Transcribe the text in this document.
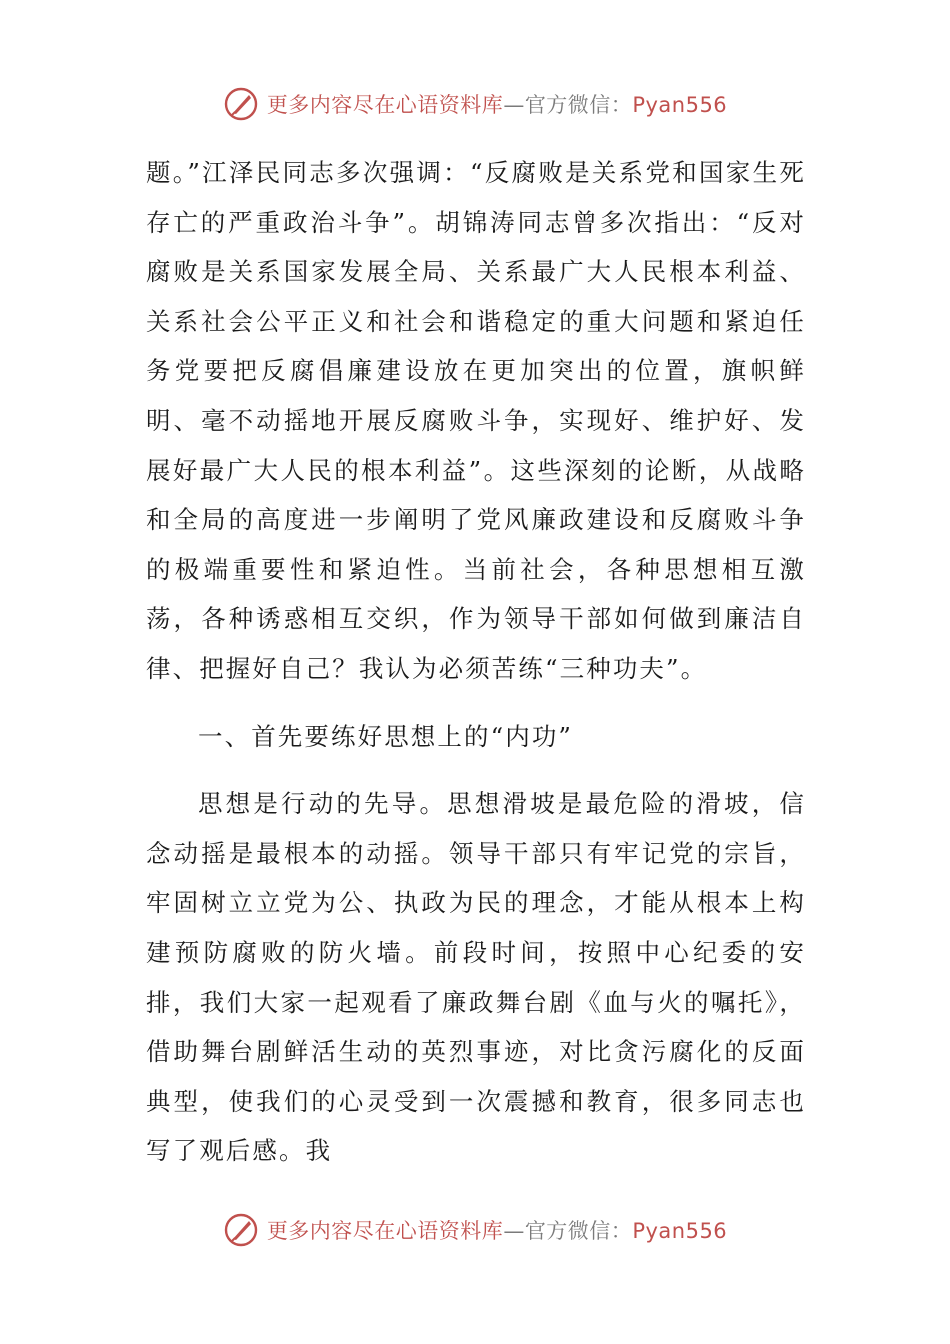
更多内容尽在心语资料库—官方微信：Pyan556

题。”江泽民同志多次强调：“反腐败是关系党和国家生死存亡的严重政治斗争”。胡锦涛同志曾多次指出：“反对腐败是关系国家发展全局、关系最广大人民根本利益、关系社会公平正义和社会和谐稳定的重大问题和紧迫任务党要把反腐倡廉建设放在更加突出的位置，旗帜鲜明、毫不动摇地开展反腐败斗争，实现好、维护好、发展好最广大人民的根本利益”。这些深刻的论断，从战略和全局的高度进一步阐明了党风廉政建设和反腐败斗争的极端重要性和紧迫性。当前社会，各种思想相互激荡，各种诱惑相互交织，作为领导干部如何做到廉洁自律、把握好自己？我认为必须苦练“三种功夫”。

一、首先要练好思想上的“内功”

思想是行动的先导。思想滑坡是最危险的滑坡，信念动摇是最根本的动摇。领导干部只有牢记党的宗旨，牢固树立立党为公、执政为民的理念，才能从根本上构建预防腐败的防火墙。前段时间，按照中心纪委的安排，我们大家一起观看了廉政舞台剧《血与火的嘱托》，借助舞台剧鲜活生动的英烈事迹，对比贪污腐化的反面典型，使我们的心灵受到一次震撼和教育，很多同志也写了观后感。我

更多内容尽在心语资料库—官方微信：Pyan556
